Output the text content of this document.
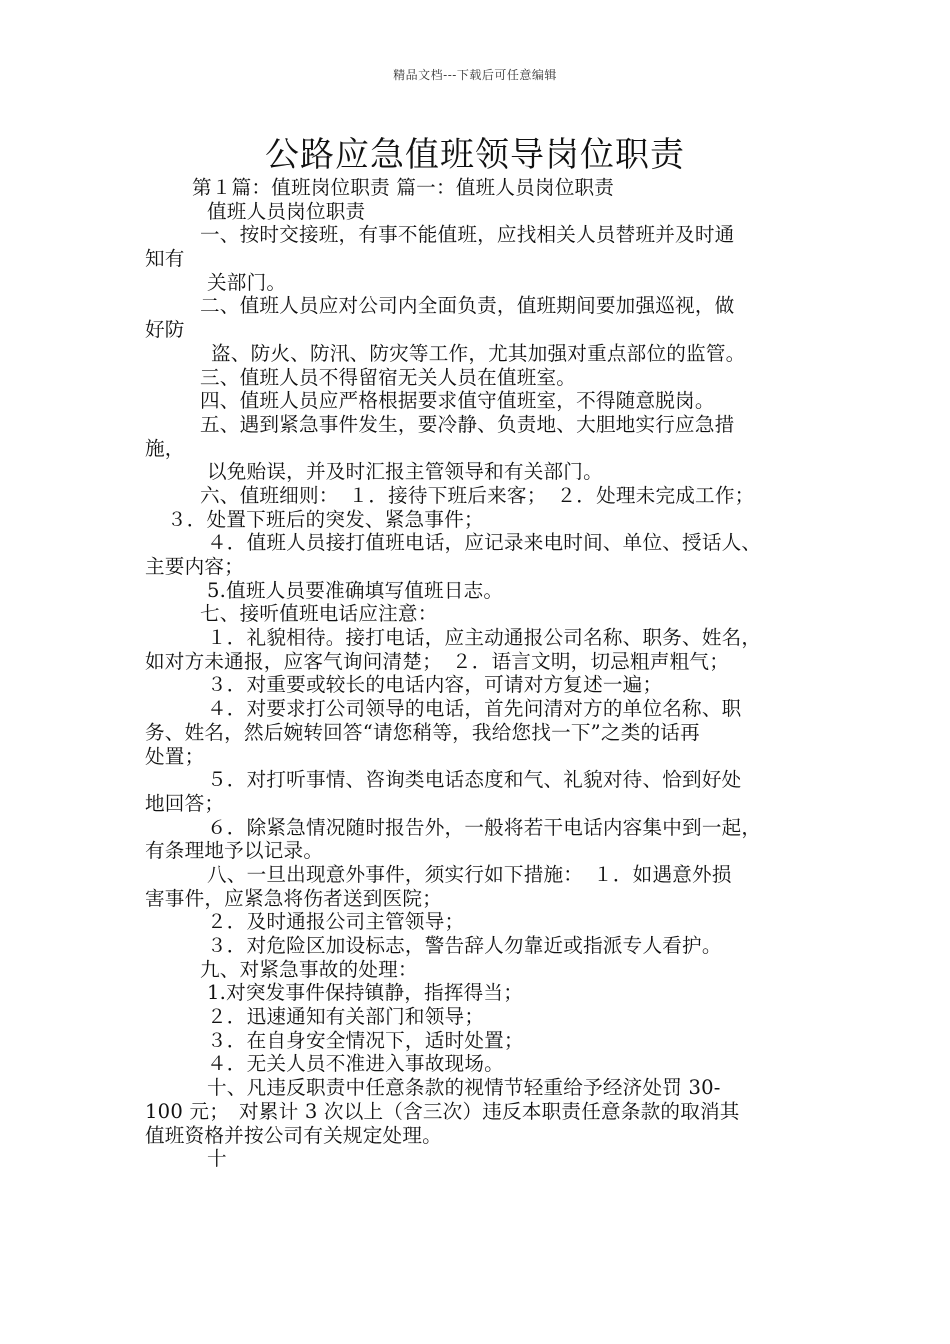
精品文档---下载后可任意编辑
公路应急值班领导岗位职责
第１篇：值班岗位职责 篇一：值班人员岗位职责
值班人员岗位职责
一、按时交接班，有事不能值班，应找相关人员替班并及时通
知有
关部门。
二、值班人员应对公司内全面负责，值班期间要加强巡视，做
好防
盗、防火、防汛、防灾等工作，尤其加强对重点部位的监管。
三、值班人员不得留宿无关人员在值班室。
四、值班人员应严格根据要求值守值班室，不得随意脱岗。
五、遇到紧急事件发生，要冷静、负责地、大胆地实行应急措
施，
以免贻误，并及时汇报主管领导和有关部门。
六、值班细则：　１．接待下班后来客；　２．处理未完成工作；
３．处置下班后的突发、紧急事件；
４．值班人员接打值班电话，应记录来电时间、单位、授话人、
主要内容；
5.值班人员要准确填写值班日志。
七、接听值班电话应注意：
１．礼貌相待。接打电话，应主动通报公司名称、职务、姓名，
如对方未通报，应客气询问清楚；　２．语言文明，切忌粗声粗气；
３．对重要或较长的电话内容，可请对方复述一遍；
４．对要求打公司领导的电话，首先问清对方的单位名称、职
务、姓名，然后婉转回答“请您稍等，我给您找一下”之类的话再
处置；
５．对打听事情、咨询类电话态度和气、礼貌对待、恰到好处
地回答；
６．除紧急情况随时报告外，一般将若干电话内容集中到一起，
有条理地予以记录。
八、一旦出现意外事件，须实行如下措施：　１．如遇意外损
害事件，应紧急将伤者送到医院；
２．及时通报公司主管领导；
３．对危险区加设标志，警告辞人勿靠近或指派专人看护。
九、对紧急事故的处理：
1.对突发事件保持镇静，指挥得当；
２．迅速通知有关部门和领导；
３．在自身安全情况下，适时处置；
４．无关人员不准进入事故现场。
十、凡违反职责中任意条款的视情节轻重给予经济处罚 30-
100 元；　对累计 3 次以上（含三次）违反本职责任意条款的取消其
值班资格并按公司有关规定处理。
十
